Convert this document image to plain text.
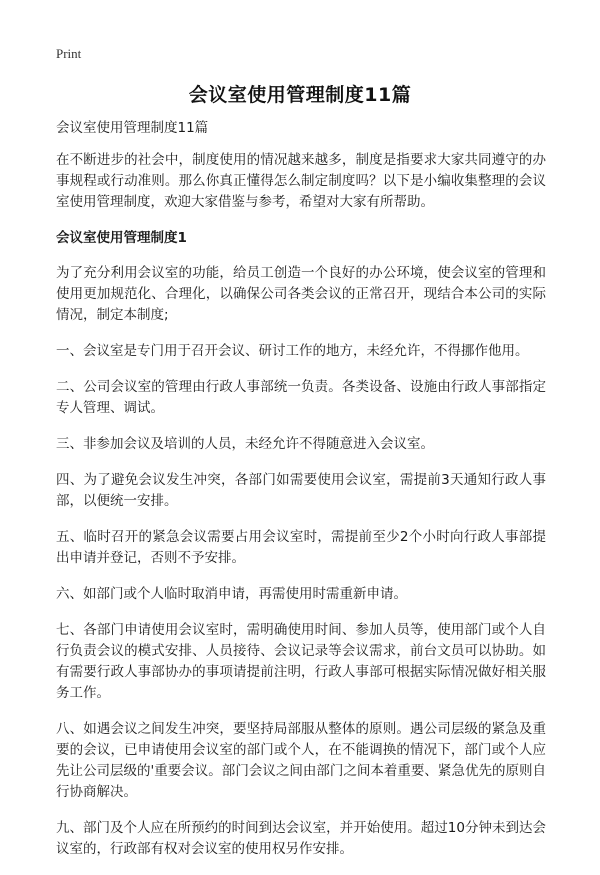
Print
会议室使用管理制度11篇

会议室使用管理制度11篇

在不断进步的社会中，制度使用的情况越来越多，制度是指要求大家共同遵守的办事规程或行动准则。那么你真正懂得怎么制定制度吗？以下是小编收集整理的会议室使用管理制度，欢迎大家借鉴与参考，希望对大家有所帮助。

会议室使用管理制度1

为了充分利用会议室的功能，给员工创造一个良好的办公环境，使会议室的管理和使用更加规范化、合理化，以确保公司各类会议的正常召开，现结合本公司的实际情况，制定本制度;

一、会议室是专门用于召开会议、研讨工作的地方，未经允许，不得挪作他用。

二、公司会议室的管理由行政人事部统一负责。各类设备、设施由行政人事部指定专人管理、调试。

三、非参加会议及培训的人员，未经允许不得随意进入会议室。

四、为了避免会议发生冲突，各部门如需要使用会议室，需提前3天通知行政人事部，以便统一安排。

五、临时召开的紧急会议需要占用会议室时，需提前至少2个小时向行政人事部提出申请并登记，否则不予安排。

六、如部门或个人临时取消申请，再需使用时需重新申请。

七、各部门申请使用会议室时，需明确使用时间、参加人员等，使用部门或个人自行负责会议的模式安排、人员接待、会议记录等会议需求，前台文员可以协助。如有需要行政人事部协办的事项请提前注明，行政人事部可根据实际情况做好相关服务工作。

八、如遇会议之间发生冲突，要坚持局部服从整体的原则。遇公司层级的紧急及重要的会议，已申请使用会议室的部门或个人，在不能调换的情况下，部门或个人应先让公司层级的'重要会议。部门会议之间由部门之间本着重要、紧急优先的原则自行协商解决。

九、部门及个人应在所预约的时间到达会议室，并开始使用。超过10分钟未到达会议室的，行政部有权对会议室的使用权另作安排。
